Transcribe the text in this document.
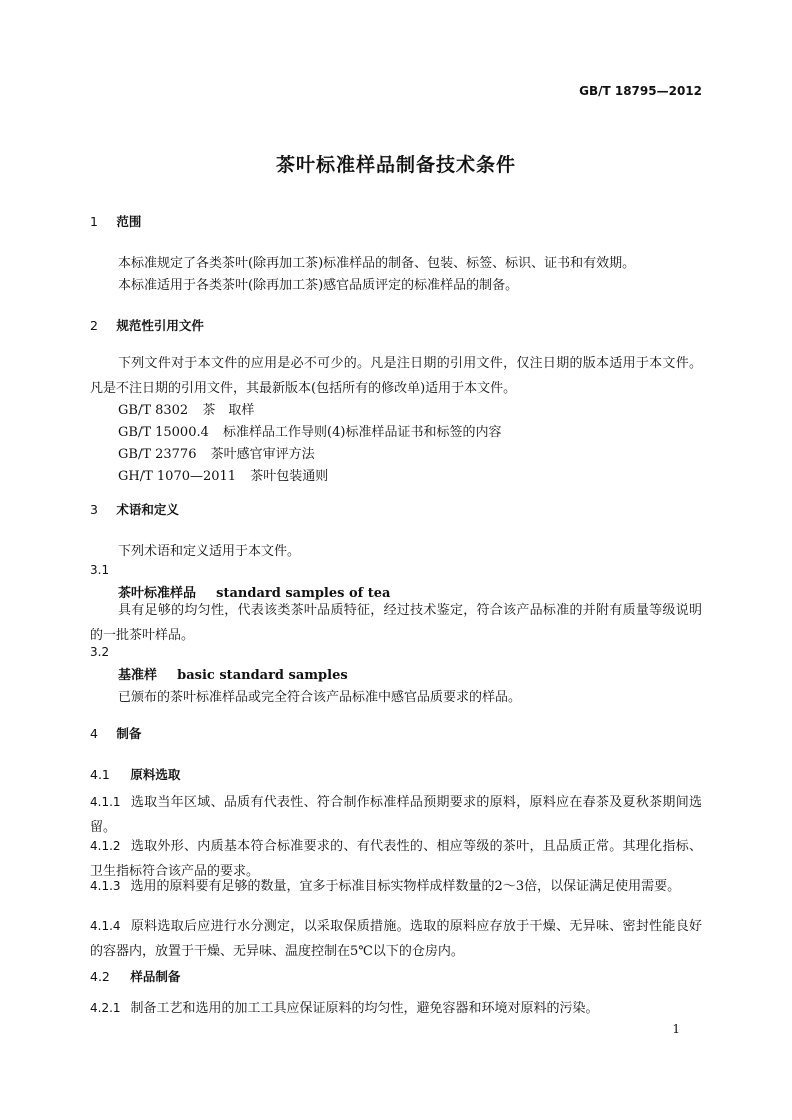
GB/T 18795—2012
茶叶标准样品制备技术条件
1 范围
本标准规定了各类茶叶(除再加工茶)标准样品的制备、包装、标签、标识、证书和有效期。
本标准适用于各类茶叶(除再加工茶)感官品质评定的标准样品的制备。
2 规范性引用文件
下列文件对于本文件的应用是必不可少的。凡是注日期的引用文件，仅注日期的版本适用于本文件。凡是不注日期的引用文件，其最新版本(包括所有的修改单)适用于本文件。
GB/T 8302 茶　取样
GB/T 15000.4 标准样品工作导则(4)标准样品证书和标签的内容
GB/T 23776 茶叶感官审评方法
GH/T 1070—2011 茶叶包装通则
3 术语和定义
下列术语和定义适用于本文件。
3.1
茶叶标准样品 standard samples of tea
具有足够的均匀性，代表该类茶叶品质特征，经过技术鉴定，符合该产品标准的并附有质量等级说明的一批茶叶样品。
3.2
基准样 basic standard samples
已颁布的茶叶标准样品或完全符合该产品标准中感官品质要求的样品。
4 制备
4.1 原料选取
4.1.1 选取当年区域、品质有代表性、符合制作标准样品预期要求的原料，原料应在春茶及夏秋茶期间选留。
4.1.2 选取外形、内质基本符合标准要求的、有代表性的、相应等级的茶叶，且品质正常。其理化指标、卫生指标符合该产品的要求。
4.1.3 选用的原料要有足够的数量，宜多于标准目标实物样成样数量的2～3倍，以保证满足使用需要。
4.1.4 原料选取后应进行水分测定，以采取保质措施。选取的原料应存放于干燥、无异味、密封性能良好的容器内，放置于干燥、无异味、温度控制在5℃以下的仓房内。
4.2 样品制备
4.2.1 制备工艺和选用的加工工具应保证原料的均匀性，避免容器和环境对原料的污染。
1
